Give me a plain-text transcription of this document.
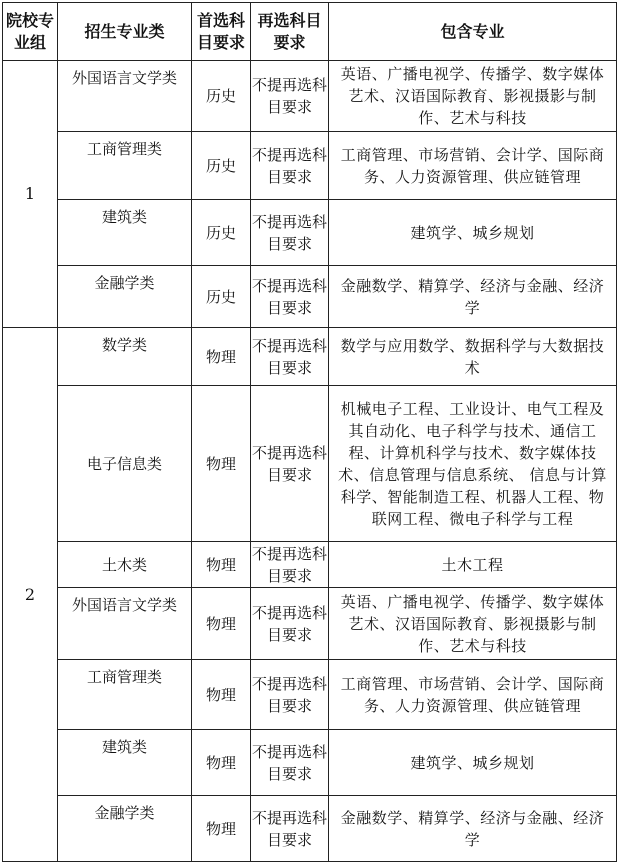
院校专业组	招生专业类	首选科目要求	再选科目要求	包含专业
1	外国语言文学类	历史	不提再选科目要求	英语、广播电视学、传播学、数字媒体艺术、汉语国际教育、影视摄影与制作、艺术与科技
	工商管理类	历史	不提再选科目要求	工商管理、市场营销、会计学、国际商务、人力资源管理、供应链管理
	建筑类	历史	不提再选科目要求	建筑学、城乡规划
	金融学类	历史	不提再选科目要求	金融数学、精算学、经济与金融、经济学
2	数学类	物理	不提再选科目要求	数学与应用数学、数据科学与大数据技术
	电子信息类	物理	不提再选科目要求	机械电子工程、工业设计、电气工程及其自动化、电子科学与技术、通信工程、计算机科学与技术、数字媒体技术、信息管理与信息系统、 信息与计算科学、智能制造工程、机器人工程、物联网工程、微电子科学与工程
	土木类	物理	不提再选科目要求	土木工程
	外国语言文学类	物理	不提再选科目要求	英语、广播电视学、传播学、数字媒体艺术、汉语国际教育、影视摄影与制作、艺术与科技
	工商管理类	物理	不提再选科目要求	工商管理、市场营销、会计学、国际商务、人力资源管理、供应链管理
	建筑类	物理	不提再选科目要求	建筑学、城乡规划
	金融学类	物理	不提再选科目要求	金融数学、精算学、经济与金融、经济学
